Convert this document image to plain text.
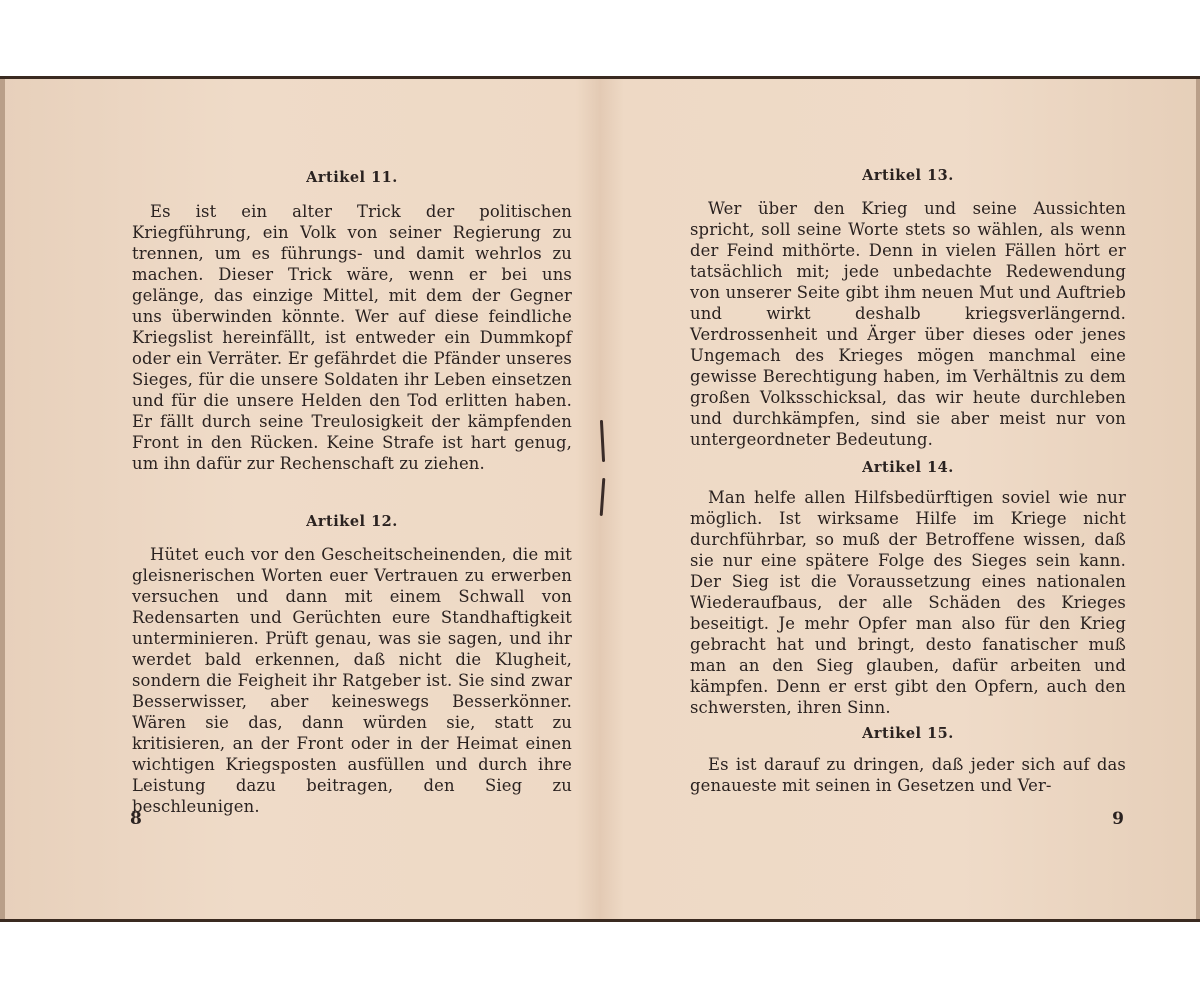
Artikel 11.

Es ist ein alter Trick der politischen Kriegführung, ein Volk von seiner Regierung zu trennen, um es führungs- und damit wehrlos zu machen. Dieser Trick wäre, wenn er bei uns gelänge, das einzige Mittel, mit dem der Gegner uns überwinden könnte. Wer auf diese feindliche Kriegslist hereinfällt, ist entweder ein Dummkopf oder ein Verräter. Er gefährdet die Pfänder unseres Sieges, für die unsere Soldaten ihr Leben einsetzen und für die unsere Helden den Tod erlitten haben. Er fällt durch seine Treulosigkeit der kämpfenden Front in den Rücken. Keine Strafe ist hart genug, um ihn dafür zur Rechenschaft zu ziehen.

Artikel 12.

Hütet euch vor den Gescheitscheinenden, die mit gleisnerischen Worten euer Vertrauen zu erwerben versuchen und dann mit einem Schwall von Redensarten und Gerüchten eure Standhaftigkeit unterminieren. Prüft genau, was sie sagen, und ihr werdet bald erkennen, daß nicht die Klugheit, sondern die Feigheit ihr Ratgeber ist. Sie sind zwar Besserwisser, aber keineswegs Besserkönner. Wären sie das, dann würden sie, statt zu kritisieren, an der Front oder in der Heimat einen wichtigen Kriegsposten ausfüllen und durch ihre Leistung dazu beitragen, den Sieg zu beschleunigen.

8
Artikel 13.

Wer über den Krieg und seine Aussichten spricht, soll seine Worte stets so wählen, als wenn der Feind mithörte. Denn in vielen Fällen hört er tatsächlich mit; jede unbedachte Redewendung von unserer Seite gibt ihm neuen Mut und Auftrieb und wirkt deshalb kriegsverlängernd. Verdrossenheit und Ärger über dieses oder jenes Ungemach des Krieges mögen manchmal eine gewisse Berechtigung haben, im Verhältnis zu dem großen Volksschicksal, das wir heute durchleben und durchkämpfen, sind sie aber meist nur von untergeordneter Bedeutung.

Artikel 14.

Man helfe allen Hilfsbedürftigen soviel wie nur möglich. Ist wirksame Hilfe im Kriege nicht durchführbar, so muß der Betroffene wissen, daß sie nur eine spätere Folge des Sieges sein kann. Der Sieg ist die Voraussetzung eines nationalen Wiederaufbaus, der alle Schäden des Krieges beseitigt. Je mehr Opfer man also für den Krieg gebracht hat und bringt, desto fanatischer muß man an den Sieg glauben, dafür arbeiten und kämpfen. Denn er erst gibt den Opfern, auch den schwersten, ihren Sinn.

Artikel 15.

Es ist darauf zu dringen, daß jeder sich auf das genaueste mit seinen in Gesetzen und Ver-

9
